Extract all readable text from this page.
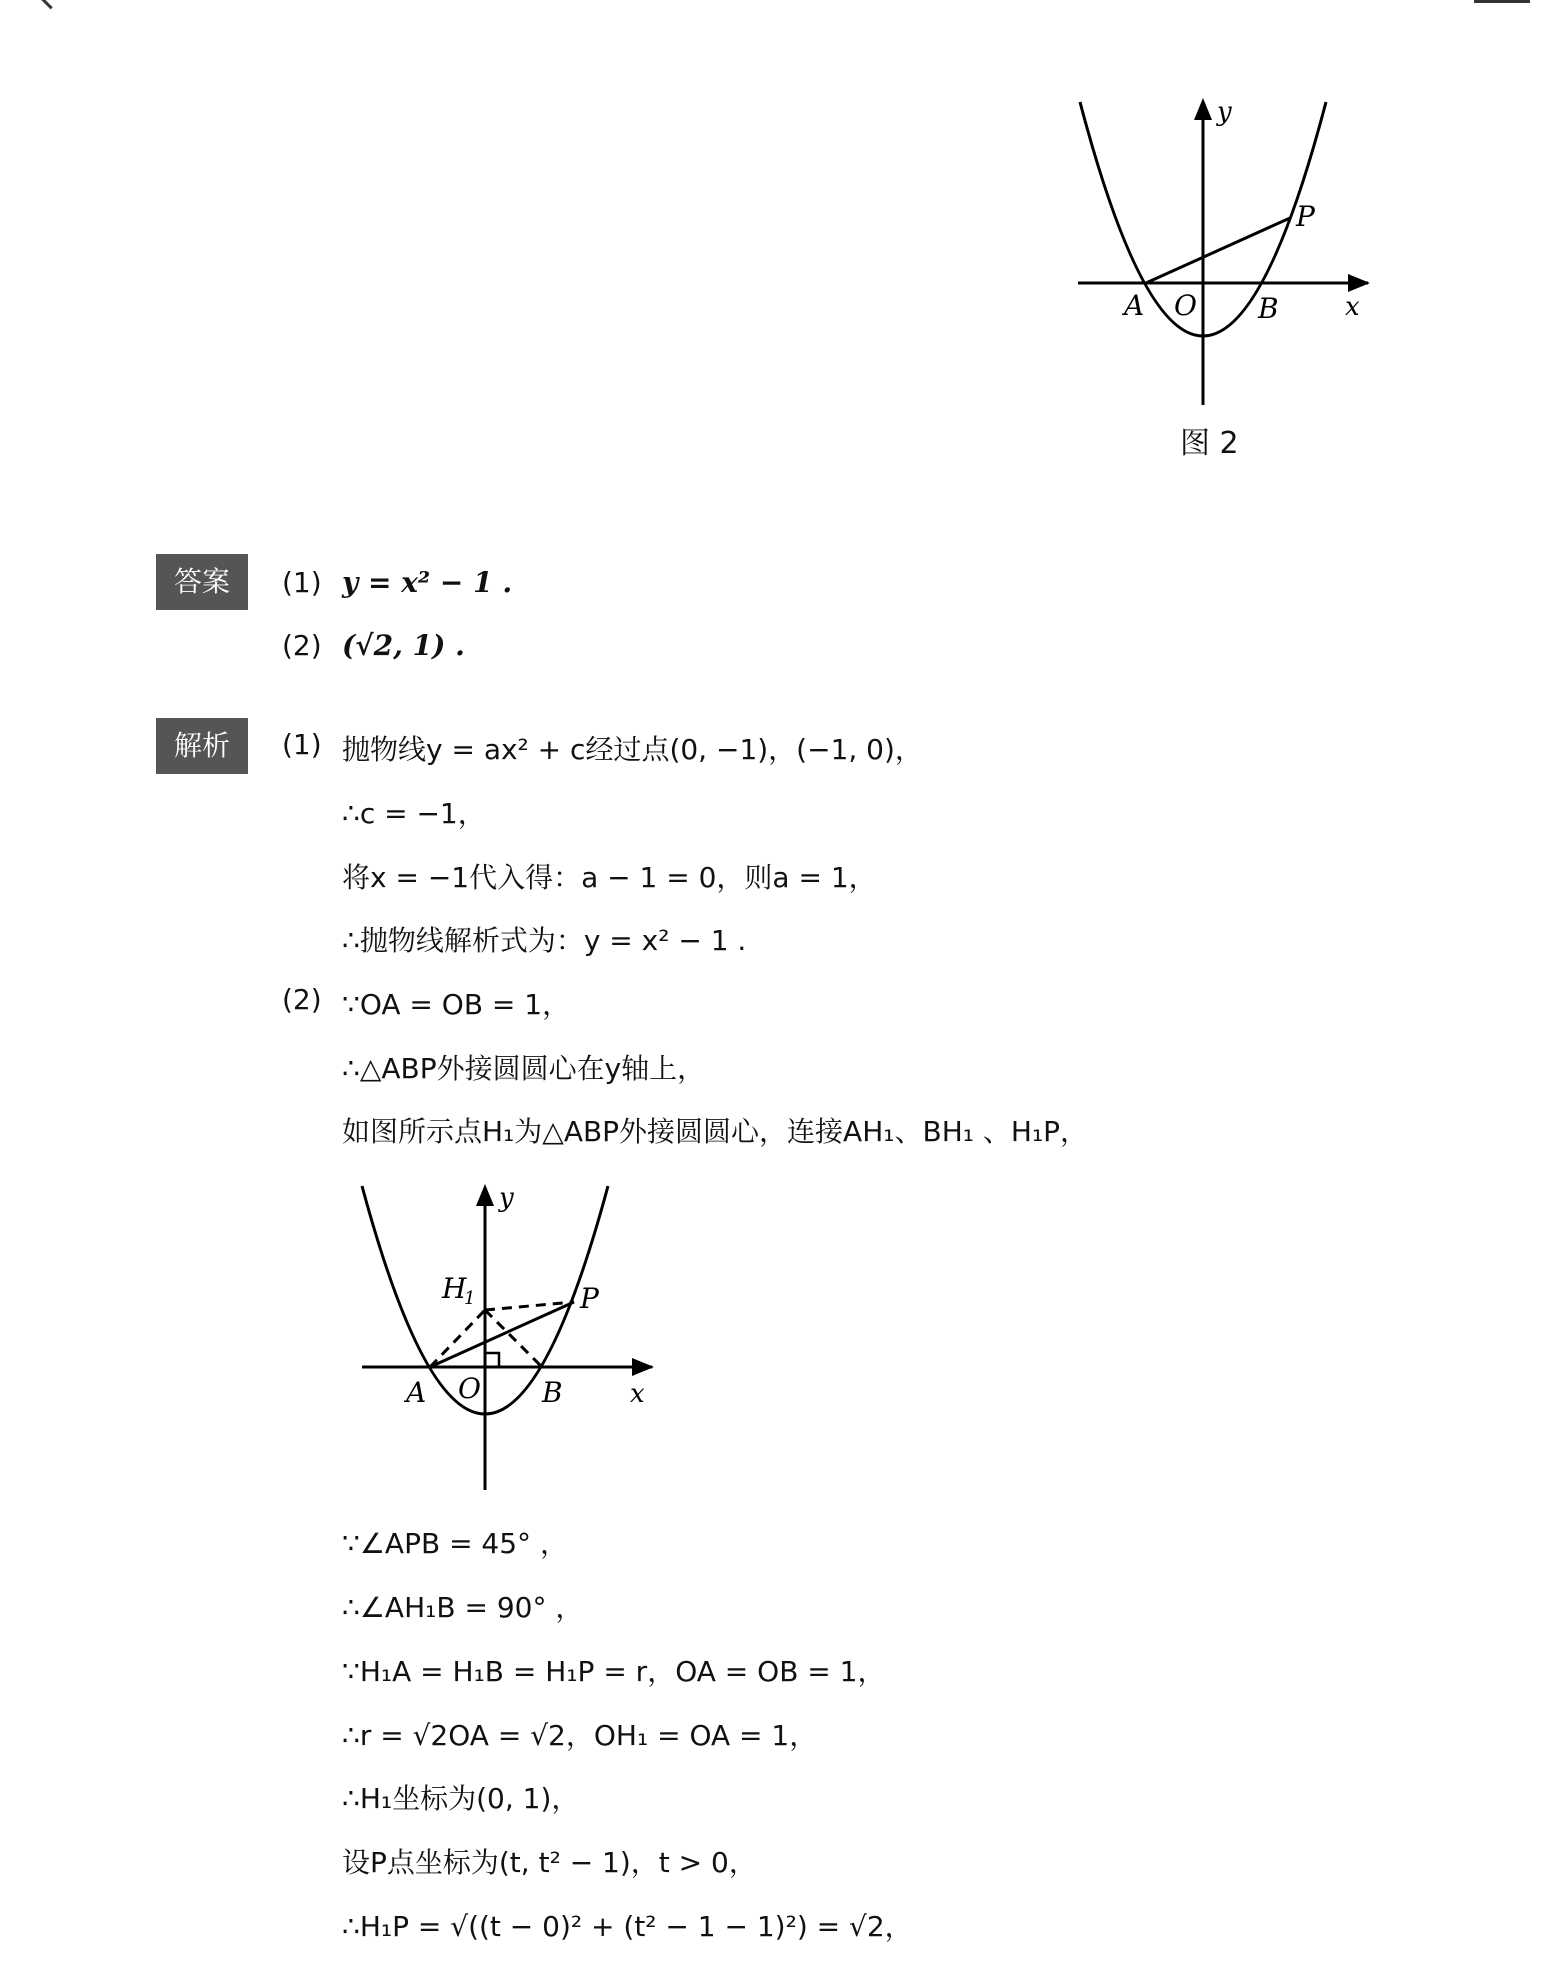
y
x
A O B
P
图 2
答案	(1) y = x² − 1 .
(2) (√2, 1) .
解析	(1) 抛物线y = ax² + c经过点(0, −1)，(−1, 0)，
∴c = −1，
将x = −1代入得：a − 1 = 0，则a = 1，
∴抛物线解析式为：y = x² − 1 .
(2) ∵OA = OB = 1，
∴△ABP外接圆圆心在y轴上，
如图所示点H₁为△ABP外接圆圆心，连接AH₁、BH₁ 、H₁P，
y
x
A O B
P
H
1
∵∠APB = 45° ，
∴∠AH₁B = 90° ，
∵H₁A = H₁B = H₁P = r，OA = OB = 1，
∴r = √2OA = √2，OH₁ = OA = 1，
∴H₁坐标为(0, 1)，
设P点坐标为(t, t² − 1)，t > 0，
∴H₁P = √((t − 0)² + (t² − 1 − 1)²) = √2，
